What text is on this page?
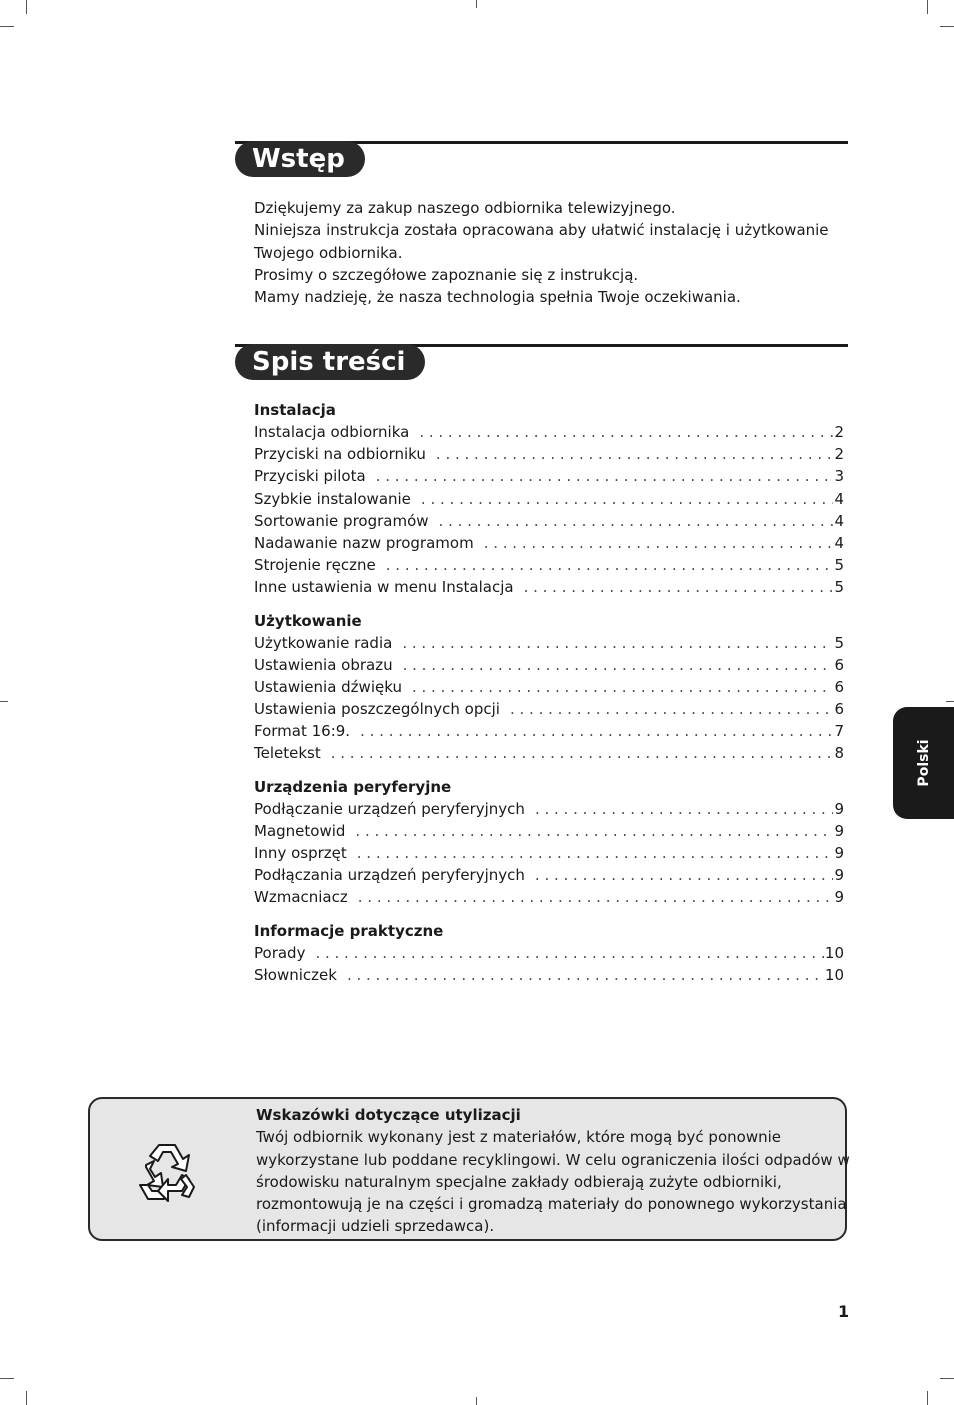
Wstęp
Dziękujemy za zakup naszego odbiornika telewizyjnego.
Niniejsza instrukcja została opracowana aby ułatwić instalację i użytkowanie
Twojego odbiornika.
Prosimy o szczegółowe zapoznanie się z instrukcją.
Mamy nadzieję, że nasza technologia spełnia Twoje oczekiwania.
Spis treści
Instalacja
Instalacja odbiornika . . .	2
Przyciski na odbiorniku . . .	2
Przyciski pilota . . .	3
Szybkie instalowanie . . .	4
Sortowanie programów . . .	4
Nadawanie nazw programom . . .	4
Strojenie ręczne . . .	5
Inne ustawienia w menu Instalacja . . .	5
Użytkowanie
Użytkowanie radia . . .	5
Ustawienia obrazu . . .	6
Ustawienia dźwięku . . .	6
Ustawienia poszczególnych opcji . . .	6
Format 16:9. . . .	7
Teletekst . . .	8
Urządzenia peryferyjne
Podłączanie urządzeń peryferyjnych . . .	9
Magnetowid . . .	9
Inny osprzęt . . .	9
Podłączania urządzeń peryferyjnych . . .	9
Wzmacniacz . . .	9
Informacje praktyczne
Porady . . .	10
Słowniczek . . .	10
Wskazówki dotyczące utylizacji
Twój odbiornik wykonany jest z materiałów, które mogą być ponownie
wykorzystane lub poddane recyklingowi. W celu ograniczenia ilości odpadów w
środowisku naturalnym specjalne zakłady odbierają zużyte odbiorniki,
rozmontowują je na części i gromadzą materiały do ponownego wykorzystania
(informacji udzieli sprzedawca).
Polski
1
